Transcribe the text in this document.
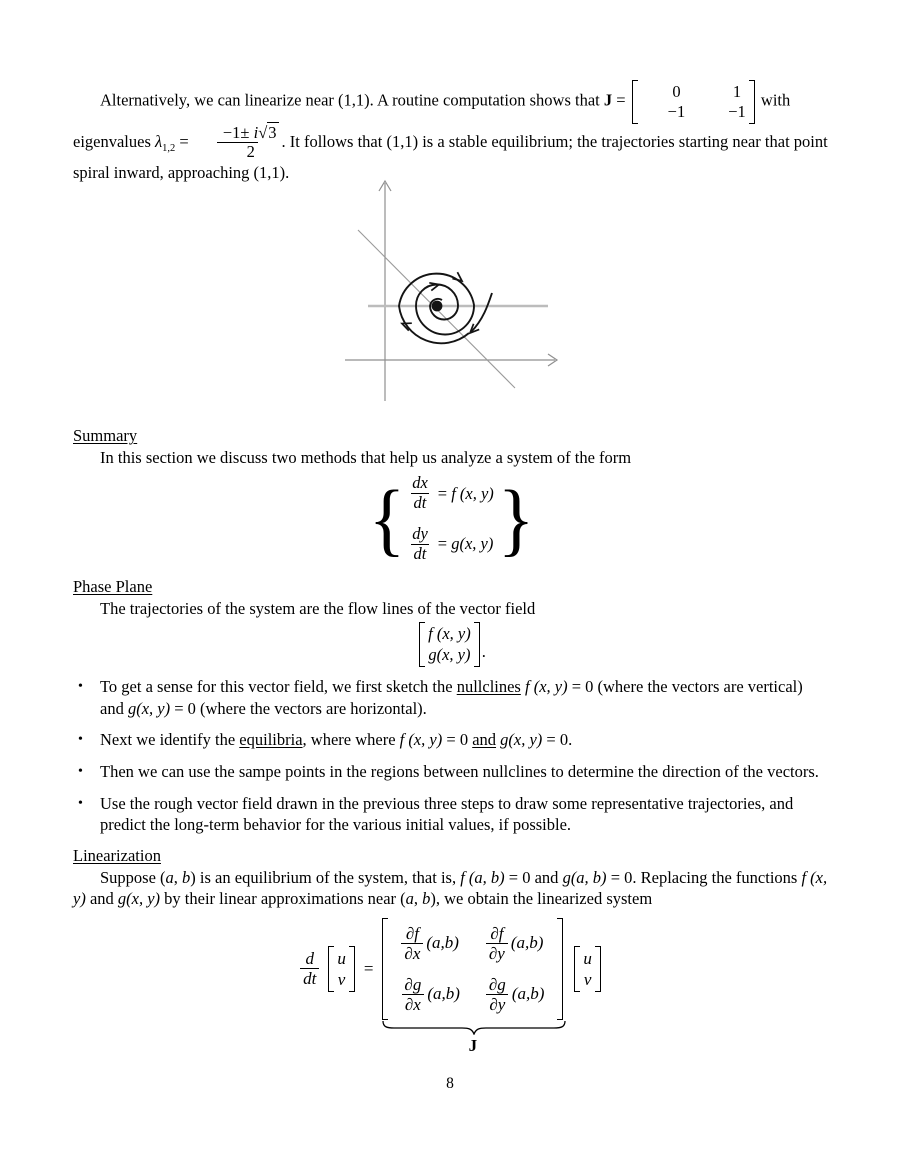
Alternatively, we can linearize near (1,1). A routine computation shows that J =	0	1
−1	−1
with eigenvalues $\lambda_{1,2} = \frac{-1\pm i√3}{2}$ . It follows that (1,1) is a stable equilibrium; the trajectories starting near that point spiral inward, approaching (1,1).

Summary

In this section we discuss two methods that help us analyze a system of the form

{ $\frac{dx}{dt} = f$ (x, y)
$\frac{dy}{dt} = g(x$, y) }

Phase Plane

The trajectories of the system are the flow lines of the vector field

f (x, y)
g(x, y) .
•	To get a sense for this vector field, we first sketch the nullclines f (x, y) = 0 (where the vectors are vertical) and g(x, y) = 0 (where the vectors are horizontal).
•	Next we identify the equilibria, where where f (x, y) = 0 and g(x, y) = 0.
•	Then we can use the sampe points in the regions between nullclines to determine the direction of the vectors.
•	Use the rough vector field drawn in the previous three steps to draw some representative trajectories, and predict the long-term behavior for the various initial values, if possible.

Linearization

Suppose (a, b) is an equilibrium of the system, that is, f (a, b) = 0 and g(a, b) = 0. Replacing the functions f (x, y) and g(x, y) by their linear approximations near (a, b), we obtain the linearized system

$\frac{d}{dt}$ u
v
=
$\frac{\partial f}{\partial x} (a,b) \frac{\partial f}{\partial y} (a,b)$
$\frac{\partial g}{\partial x} (a,b) \frac{\partial g}{\partial y} (a,b)$
J
u
v
8
